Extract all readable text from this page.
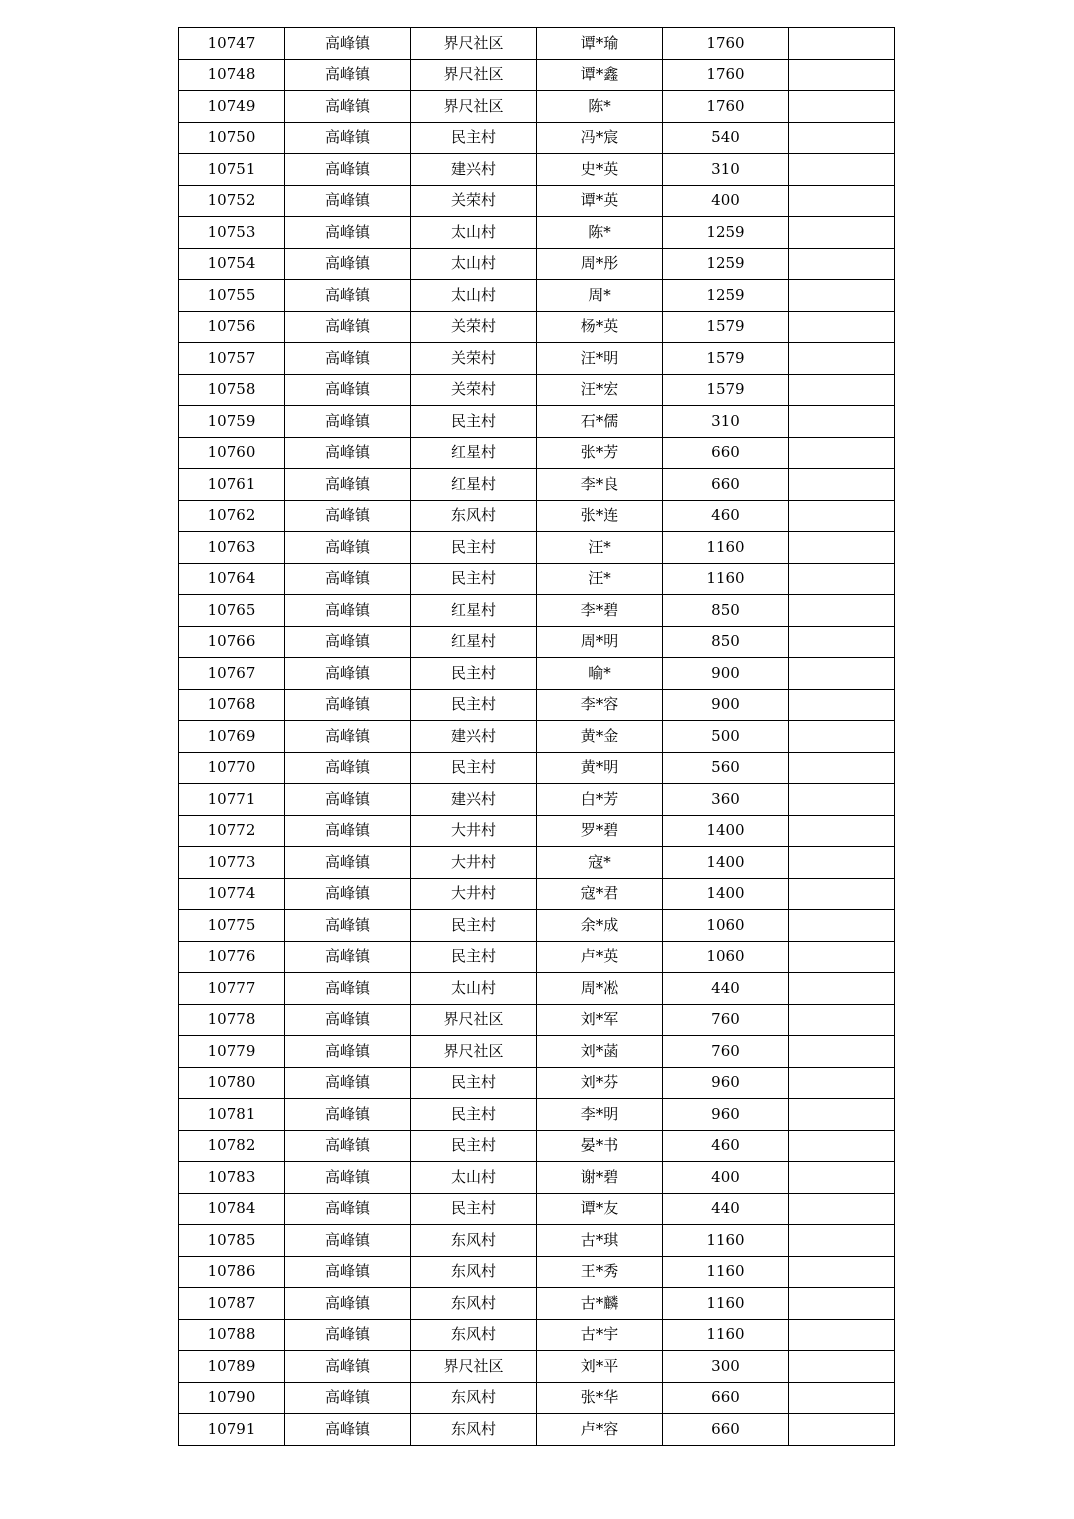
10747	高峰镇	界尺社区	谭*瑜	1760	
10748	高峰镇	界尺社区	谭*鑫	1760	
10749	高峰镇	界尺社区	陈*	1760	
10750	高峰镇	民主村	冯*宸	540	
10751	高峰镇	建兴村	史*英	310	
10752	高峰镇	关荣村	谭*英	400	
10753	高峰镇	太山村	陈*	1259	
10754	高峰镇	太山村	周*彤	1259	
10755	高峰镇	太山村	周*	1259	
10756	高峰镇	关荣村	杨*英	1579	
10757	高峰镇	关荣村	汪*明	1579	
10758	高峰镇	关荣村	汪*宏	1579	
10759	高峰镇	民主村	石*儒	310	
10760	高峰镇	红星村	张*芳	660	
10761	高峰镇	红星村	李*良	660	
10762	高峰镇	东风村	张*连	460	
10763	高峰镇	民主村	汪*	1160	
10764	高峰镇	民主村	汪*	1160	
10765	高峰镇	红星村	李*碧	850	
10766	高峰镇	红星村	周*明	850	
10767	高峰镇	民主村	喻*	900	
10768	高峰镇	民主村	李*容	900	
10769	高峰镇	建兴村	黄*金	500	
10770	高峰镇	民主村	黄*明	560	
10771	高峰镇	建兴村	白*芳	360	
10772	高峰镇	大井村	罗*碧	1400	
10773	高峰镇	大井村	寇*	1400	
10774	高峰镇	大井村	寇*君	1400	
10775	高峰镇	民主村	余*成	1060	
10776	高峰镇	民主村	卢*英	1060	
10777	高峰镇	太山村	周*凇	440	
10778	高峰镇	界尺社区	刘*军	760	
10779	高峰镇	界尺社区	刘*菡	760	
10780	高峰镇	民主村	刘*芬	960	
10781	高峰镇	民主村	李*明	960	
10782	高峰镇	民主村	晏*书	460	
10783	高峰镇	太山村	谢*碧	400	
10784	高峰镇	民主村	谭*友	440	
10785	高峰镇	东风村	古*琪	1160	
10786	高峰镇	东风村	王*秀	1160	
10787	高峰镇	东风村	古*麟	1160	
10788	高峰镇	东风村	古*宇	1160	
10789	高峰镇	界尺社区	刘*平	300	
10790	高峰镇	东风村	张*华	660	
10791	高峰镇	东风村	卢*容	660	
